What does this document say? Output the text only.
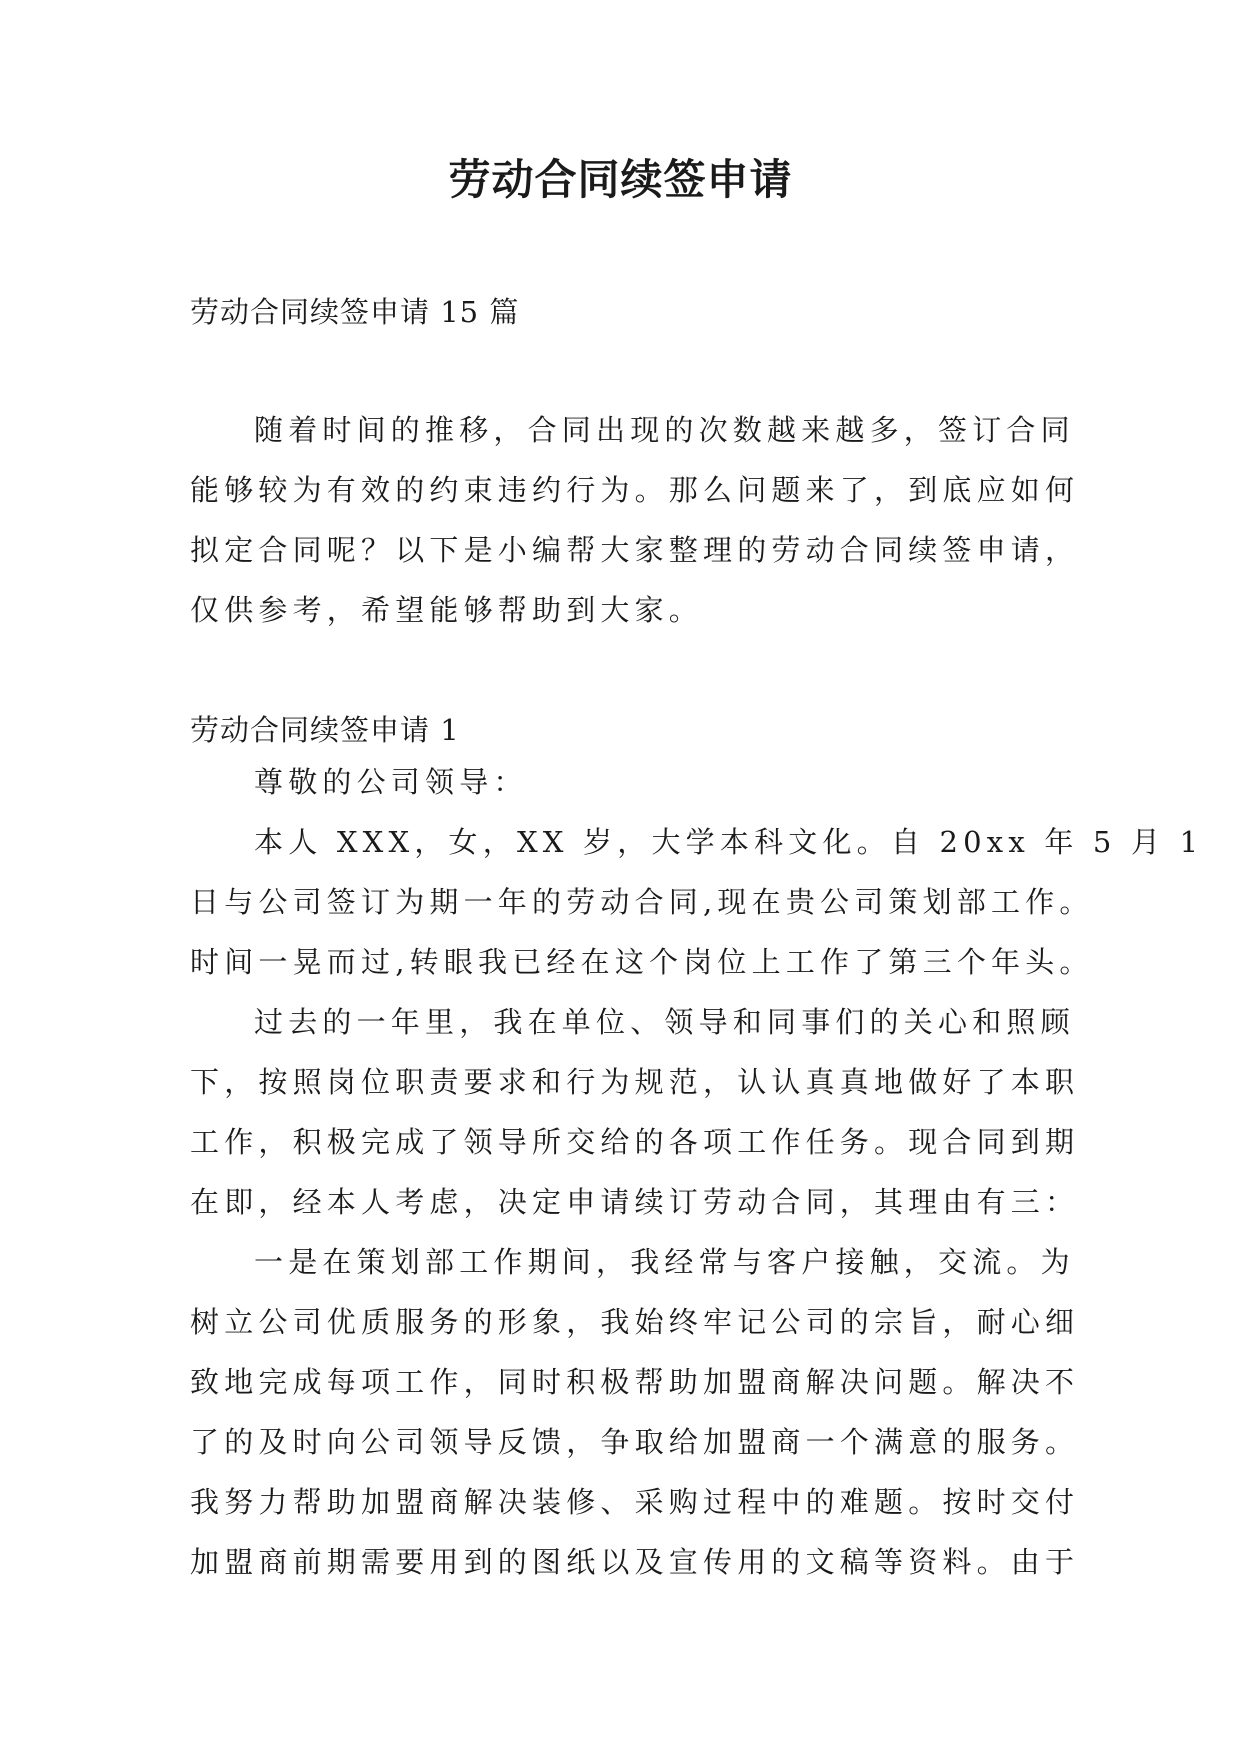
劳动合同续签申请
劳动合同续签申请 15 篇
随着时间的推移，合同出现的次数越来越多，签订合同
能够较为有效的约束违约行为。那么问题来了，到底应如何
拟定合同呢？以下是小编帮大家整理的劳动合同续签申请，
仅供参考，希望能够帮助到大家。
劳动合同续签申请 1
尊敬的公司领导：
本人 XXX，女，XX 岁，大学本科文化。自 20xx 年 5 月 1
日与公司签订为期一年的劳动合同,现在贵公司策划部工作。
时间一晃而过,转眼我已经在这个岗位上工作了第三个年头。
过去的一年里，我在单位、领导和同事们的关心和照顾
下，按照岗位职责要求和行为规范，认认真真地做好了本职
工作，积极完成了领导所交给的各项工作任务。现合同到期
在即，经本人考虑，决定申请续订劳动合同，其理由有三：
一是在策划部工作期间，我经常与客户接触，交流。为
树立公司优质服务的形象，我始终牢记公司的宗旨，耐心细
致地完成每项工作，同时积极帮助加盟商解决问题。解决不
了的及时向公司领导反馈，争取给加盟商一个满意的服务。
我努力帮助加盟商解决装修、采购过程中的难题。按时交付
加盟商前期需要用到的图纸以及宣传用的文稿等资料。由于
